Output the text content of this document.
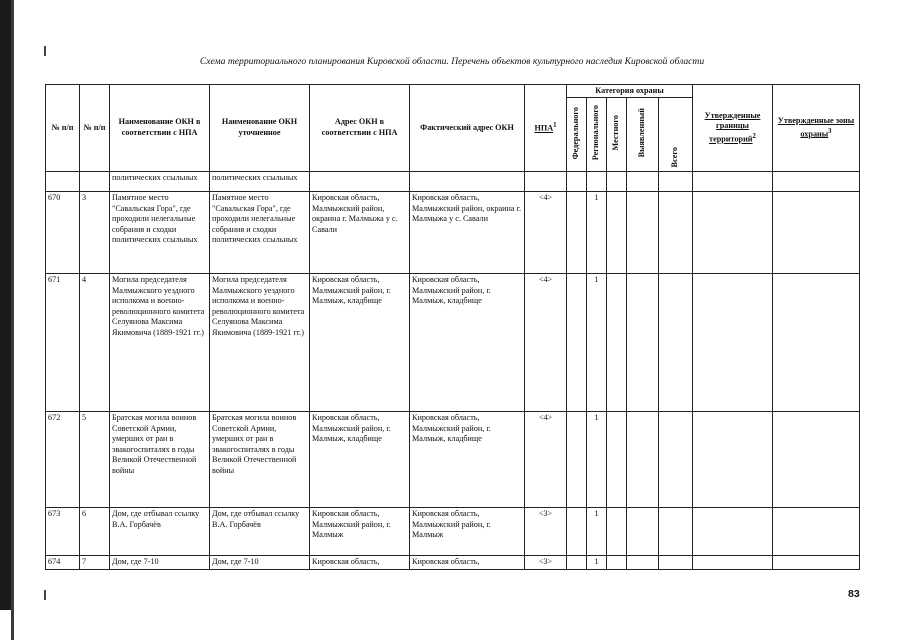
Схема территориального планирования Кировской области. Перечень объектов культурного наследия Кировской области
№ п/п	№ п/п	Наименование ОКН в соответствии с НПА	Наименование ОКН уточненное	Адрес ОКН в соответствии с НПА	Фактический адрес ОКН	НПА$^1$	Категория охраны					Утвержденные границы территорий$^2$	Утвержденные зоны охраны$^3$
							Федерального	Регионального	Местного	Выявленный	Всего		
		политических ссыльных	политических ссыльных										
670	3	Памятное место "Савальская Гора", где проходили нелегальные собрания и сходки политических ссыльных	Памятное место "Савальская Гора", где проходили нелегальные собрания и сходки политических ссыльных	Кировская область, Малмыжский район, окраина г. Малмыжа у с. Савали	Кировская область, Малмыжский район, окраина г. Малмыжа у с. Савали	<4>		1					
671	4	Могила председателя Малмыжского уездного исполкома и военно-революционного комитета Селуянова Максима Якимовича (1889-1921 гг.)	Могила председателя Малмыжского уездного исполкома и военно-революционного комитета Селуянова Максима Якимовича (1889-1921 гг.)	Кировская область, Малмыжский район, г. Малмыж, кладбище	Кировская область, Малмыжский район, г. Малмыж, кладбище	<4>		1					
672	5	Братская могила воинов Советской Армии, умерших от ран в эвакогоспиталях в годы Великой Отечественной войны	Братская могила воинов Советской Армии, умерших от ран в эвакогоспиталях в годы Великой Отечественной войны	Кировская область, Малмыжский район, г. Малмыж, кладбище	Кировская область, Малмыжский район, г. Малмыж, кладбище	<4>		1					
673	6	Дом, где отбывал ссылку В.А. Горбачёв	Дом, где отбывал ссылку В.А. Горбачёв	Кировская область, Малмыжский район, г. Малмыж	Кировская область, Малмыжский район, г. Малмыж	<3>		1					
674	7	Дом, где 7-10	Дом, где 7-10	Кировская область,	Кировская область,	<3>		1					
83
